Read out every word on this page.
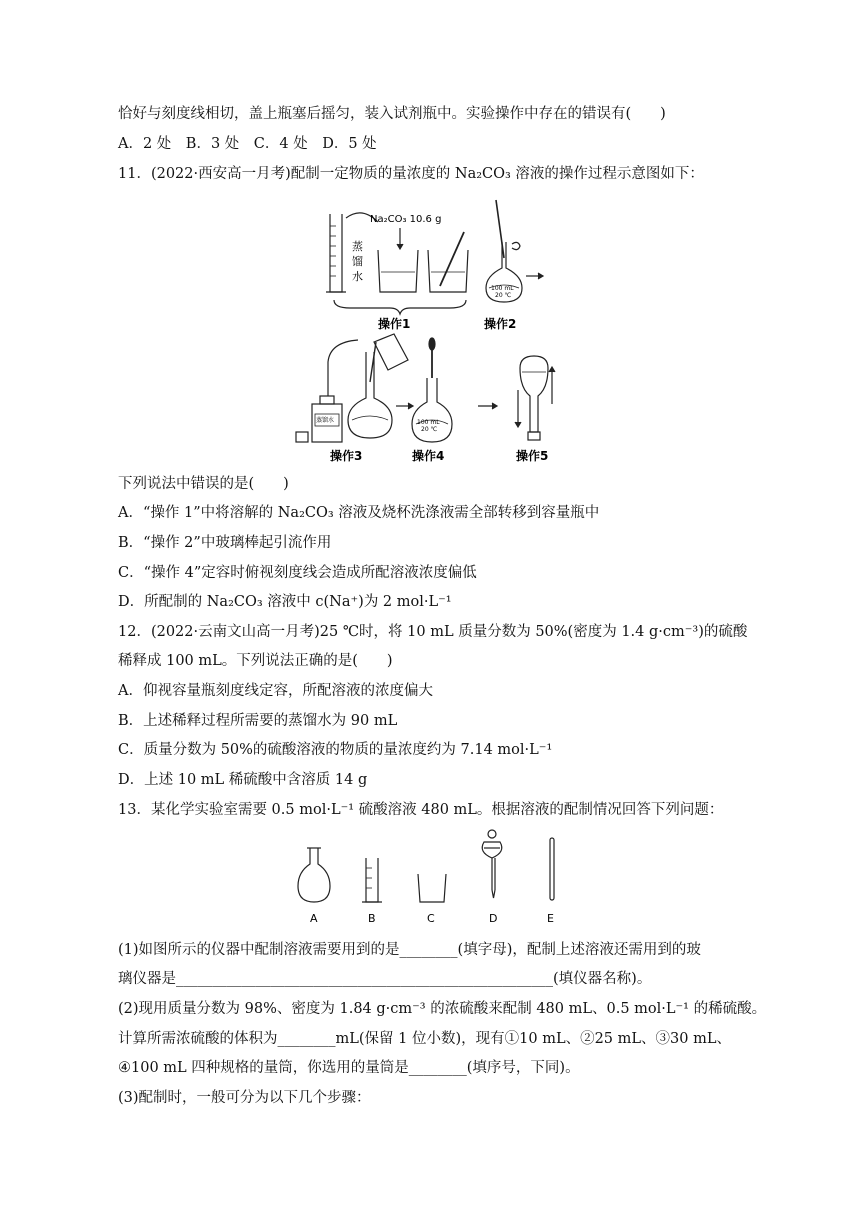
恰好与刻度线相切，盖上瓶塞后摇匀，装入试剂瓶中。实验操作中存在的错误有(　　)
A．2 处　B．3 处　C．4 处　D．5 处
11．(2022·西安高一月考)配制一定物质的量浓度的 Na₂CO₃ 溶液的操作过程示意图如下：
Na₂CO₃ 10.6 g
蒸
馏
水
100 mL
20 ℃
蒸馏水	100 mL
20 ℃
操作1	操作2
操作3	操作4	操作5
下列说法中错误的是(　　)
A．“操作 1”中将溶解的 Na₂CO₃ 溶液及烧杯洗涤液需全部转移到容量瓶中
B．“操作 2”中玻璃棒起引流作用
C．“操作 4”定容时俯视刻度线会造成所配溶液浓度偏低
D．所配制的 Na₂CO₃ 溶液中 c(Na⁺)为 2 mol·L⁻¹
12．(2022·云南文山高一月考)25 ℃时，将 10 mL 质量分数为 50%(密度为 1.4 g·cm⁻³)的硫酸
稀释成 100 mL。下列说法正确的是(　　)
A．仰视容量瓶刻度线定容，所配溶液的浓度偏大
B．上述稀释过程所需要的蒸馏水为 90 mL
C．质量分数为 50%的硫酸溶液的物质的量浓度约为 7.14 mol·L⁻¹
D．上述 10 mL 稀硫酸中含溶质 14 g
13．某化学实验室需要 0.5 mol·L⁻¹ 硫酸溶液 480 mL。根据溶液的配制情况回答下列问题：
A	B	C	D	E
(1)如图所示的仪器中配制溶液需要用到的是________(填字母)，配制上述溶液还需用到的玻
璃仪器是____________________________________________________(填仪器名称)。
(2)现用质量分数为 98%、密度为 1.84 g·cm⁻³ 的浓硫酸来配制 480 mL、0.5 mol·L⁻¹ 的稀硫酸。
计算所需浓硫酸的体积为________mL(保留 1 位小数)，现有①10 mL、②25 mL、③30 mL、
④100 mL 四种规格的量筒，你选用的量筒是________(填序号，下同)。
(3)配制时，一般可分为以下几个步骤：
